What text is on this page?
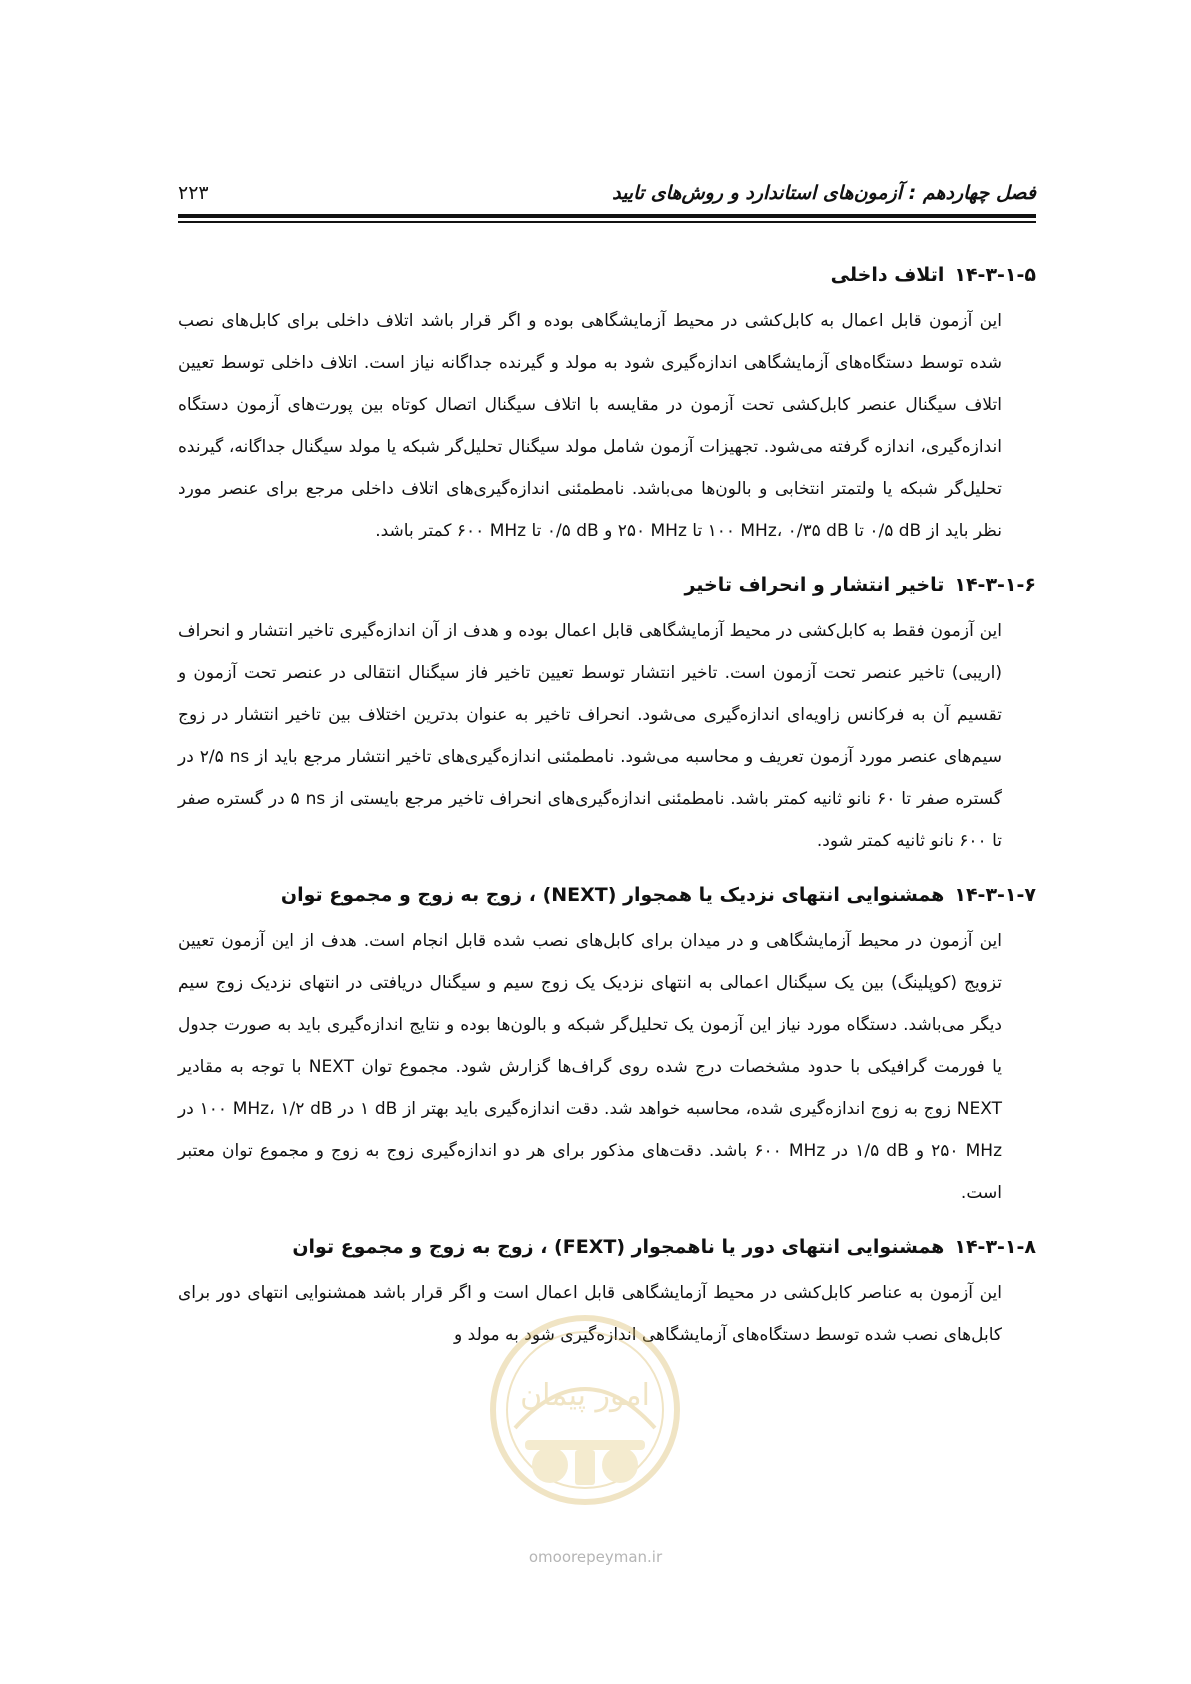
فصل چهاردهم : آزمون‌های استاندارد و روش‌های تایید
۲۲۳
۱۴-۳-۱-۵اتلاف داخلی

این آزمون قابل اعمال به کابل‌کشی در محیط آزمایشگاهی بوده و اگر قرار باشد اتلاف داخلی برای کابل‌های نصب شده توسط دستگاه‌های آزمایشگاهی اندازه‌گیری شود به مولد و گیرنده جداگانه نیاز است. اتلاف داخلی توسط تعیین اتلاف سیگنال عنصر کابل‌کشی تحت آزمون در مقایسه با اتلاف سیگنال اتصال کوتاه بین پورت‌های آزمون دستگاه اندازه‌گیری، اندازه گرفته می‌شود. تجهیزات آزمون شامل مولد سیگنال تحلیل‌گر شبکه یا مولد سیگنال جداگانه، گیرنده تحلیل‌گر شبکه یا ولتمتر انتخابی و بالون‌ها می‌باشد. نامطمئنی اندازه‌گیری‌های اتلاف داخلی مرجع برای عنصر مورد نظر باید از ‎۰/۵ dB‎ تا ‎۱۰۰ MHz‎، ‎۰/۳۵ dB‎ تا ‎۲۵۰ MHz‎ و ‎۰/۵ dB‎ تا ‎۶۰۰ MHz‎ کمتر باشد.

۱۴-۳-۱-۶تاخیر انتشار و انحراف تاخیر

این آزمون فقط به کابل‌کشی در محیط آزمایشگاهی قابل اعمال بوده و هدف از آن اندازه‌گیری تاخیر انتشار و انحراف (اریبی) تاخیر عنصر تحت آزمون است. تاخیر انتشار توسط تعیین تاخیر فاز سیگنال انتقالی در عنصر تحت آزمون و تقسیم آن به فرکانس زاویه‌ای اندازه‌گیری می‌شود. انحراف تاخیر به عنوان بدترین اختلاف بین تاخیر انتشار در زوج سیم‌های عنصر مورد آزمون تعریف و محاسبه می‌شود. نامطمئنی اندازه‌گیری‌های تاخیر انتشار مرجع باید از ‎۲/۵ ns‎ در گستره صفر تا ۶۰ نانو ثانیه کمتر باشد. نامطمئنی اندازه‌گیری‌های انحراف تاخیر مرجع بایستی از ‎۵ ns‎ در گستره صفر تا ۶۰۰ نانو ثانیه کمتر شود.

۱۴-۳-۱-۷همشنوایی انتهای نزدیک یا همجوار (NEXT) ، زوج به زوج و مجموع توان

این آزمون در محیط آزمایشگاهی و در میدان برای کابل‌های نصب شده قابل انجام است. هدف از این آزمون تعیین تزویج (کوپلینگ) بین یک سیگنال اعمالی به انتهای نزدیک یک زوج سیم و سیگنال دریافتی در انتهای نزدیک زوج سیم دیگر می‌باشد. دستگاه مورد نیاز این آزمون یک تحلیل‌گر شبکه و بالون‌ها بوده و نتایج اندازه‌گیری باید به صورت جدول یا فورمت گرافیکی با حدود مشخصات درج شده روی گراف‌ها گزارش شود. مجموع توان NEXT با توجه به مقادیر NEXT زوج به زوج اندازه‌گیری شده، محاسبه خواهد شد. دقت اندازه‌گیری باید بهتر از ‎۱ dB‎ در ‎۱۰۰ MHz‎، ‎۱/۲ dB‎ در ‎۲۵۰ MHz‎ و ‎۱/۵ dB‎ در ‎۶۰۰ MHz‎ باشد. دقت‌های مذکور برای هر دو اندازه‌گیری زوج به زوج و مجموع توان معتبر است.

۱۴-۳-۱-۸همشنوایی انتهای دور یا ناهمجوار (FEXT) ، زوج به زوج و مجموع توان

این آزمون به عناصر کابل‌کشی در محیط آزمایشگاهی قابل اعمال است و اگر قرار باشد همشنوایی انتهای دور برای کابل‌های نصب شده توسط دستگاه‌های آزمایشگاهی اندازه‌گیری شود به مولد و

امور پیمان
omoorepeyman.ir
